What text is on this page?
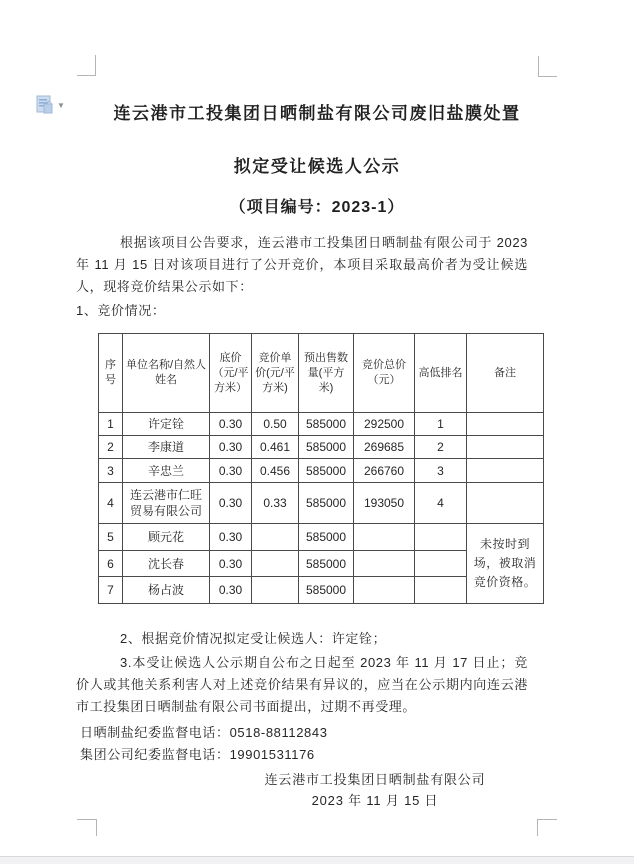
▼	连云港市工投集团日晒制盐有限公司废旧盐膜处置
拟定受让候选人公示
（项目编号：2023-1）
根据该项目公告要求，连云港市工投集团日晒制盐有限公司于 2023 年 11 月 15 日对该项目进行了公开竞价，本项目采取最高价者为受让候选人，现将竞价结果公示如下：
1、竞价情况：
序号	单位名称/自然人姓名	底价（元/平方米）	竞价单价(元/平方米)	预出售数量(平方米)	竞价总价（元）	高低排名	备注
1	许定铨	0.30	0.50	585000	292500	1	
2	李康道	0.30	0.461	585000	269685	2	
3	辛忠兰	0.30	0.456	585000	266760	3	
4	连云港市仁旺贸易有限公司	0.30	0.33	585000	193050	4	
5	顾元花	0.30		585000			未按时到场，被取消竞价资格。
6	沈长春	0.30		585000			
7	杨占波	0.30		585000			
2、根据竞价情况拟定受让候选人：许定铨；
3.本受让候选人公示期自公布之日起至 2023 年 11 月 17 日止；竞价人或其他关系利害人对上述竞价结果有异议的，应当在公示期内向连云港市工投集团日晒制盐有限公司书面提出，过期不再受理。
日晒制盐纪委监督电话：0518-88112843
集团公司纪委监督电话：19901531176
连云港市工投集团日晒制盐有限公司
2023 年 11 月 15 日
